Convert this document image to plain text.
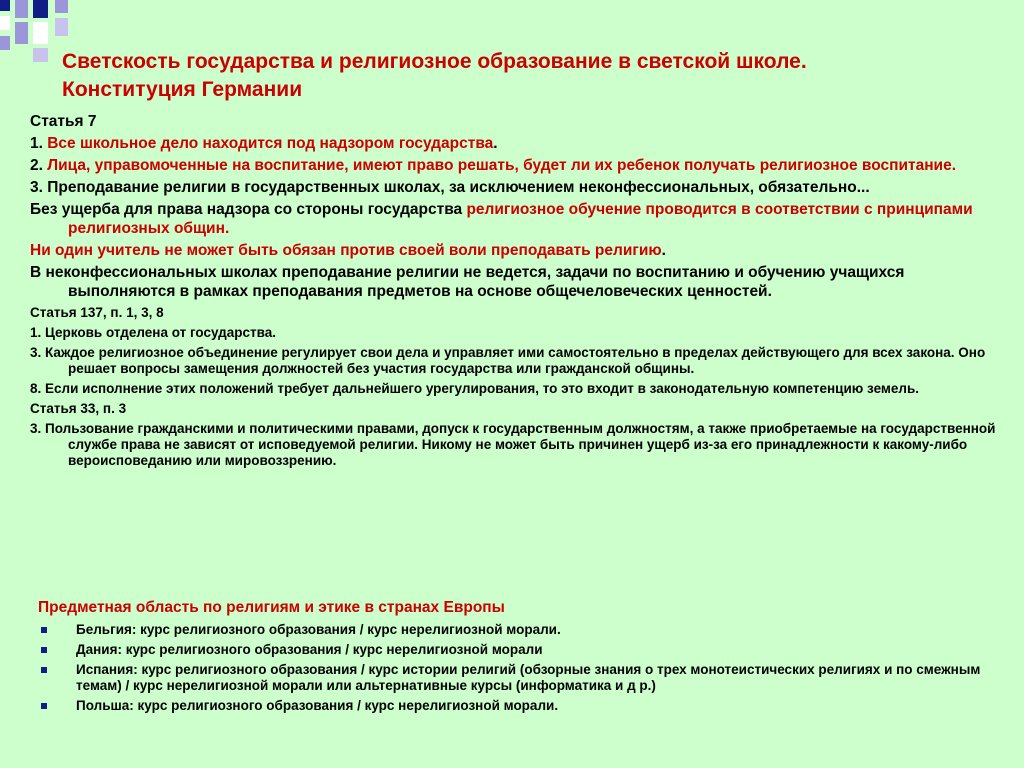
Светскость государства и религиозное образование в светской школе.
Конституция Германии

Статья 7

1. Все школьное дело находится под надзором государства.

2. Лица, управомоченные на воспитание, имеют право решать, будет ли их ребенок получать религиозное воспитание.

3. Преподавание религии в государственных школах, за исключением неконфессиональных, обязательно...

Без ущерба для права надзора со стороны государства религиозное обучение проводится в соответствии с принципами религиозных общин.

Ни один учитель не может быть обязан против своей воли преподавать религию.

В неконфессиональных школах преподавание религии не ведется, задачи по воспитанию и обучению учащихся выполняются в рамках преподавания предметов на основе общечеловеческих ценностей.

Статья 137, п. 1, 3, 8

1. Церковь отделена от государства.

3. Каждое религиозное объединение регулирует свои дела и управляет ими самостоятельно в пределах действующего для всех закона. Оно решает вопросы замещения должностей без участия государства или гражданской общины.

8. Если исполнение этих положений требует дальнейшего урегулирования, то это входит в законодательную компетенцию земель.

Статья 33, п. 3

3. Пользование гражданскими и политическими правами, допуск к государственным должностям, а также приобретаемые на государственной службе права не зависят от исповедуемой религии. Никому не может быть причинен ущерб из-за его принадлежности к какому-либо вероисповеданию или мировоззрению.

Предметная область по религиям и этике в странах Европы

Бельгия: курс религиозного образования / курс нерелигиозной морали.
Дания: курс религиозного образования / курс нерелигиозной морали
Испания: курс религиозного образования / курс истории религий (обзорные знания о трех монотеистических религиях и по смежным темам) / курс нерелигиозной морали или альтернативные курсы (информатика и д р.)
Польша: курс религиозного образования / курс нерелигиозной морали.
